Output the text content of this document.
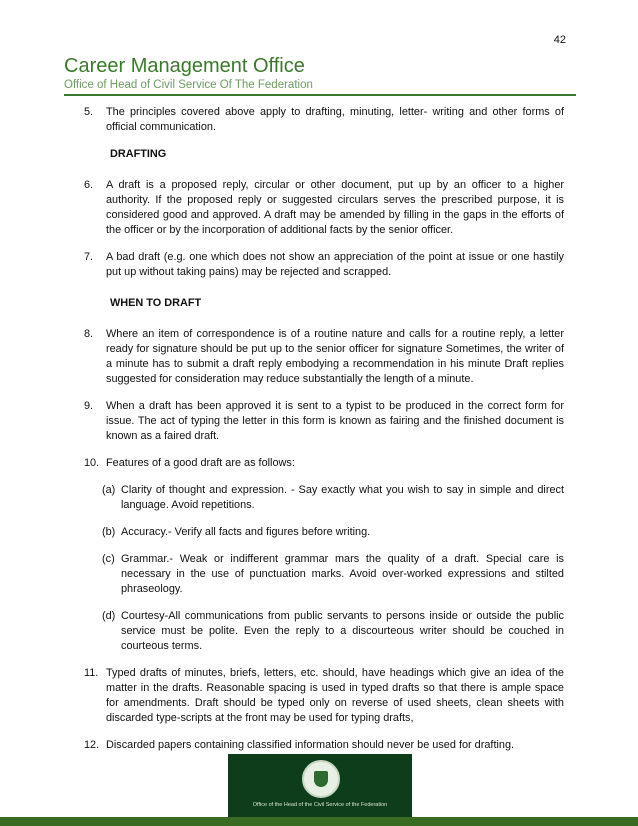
42
Career Management Office
Office of Head of Civil Service Of The Federation
5. The principles covered above apply to drafting, minuting, letter- writing and other forms of official communication.
DRAFTING
6. A draft is a proposed reply, circular or other document, put up by an officer to a higher authority. If the proposed reply or suggested circulars serves the prescribed purpose, it is considered good and approved. A draft may be amended by filling in the gaps in the efforts of the officer or by the incorporation of additional facts by the senior officer.
7. A bad draft (e.g. one which does not show an appreciation of the point at issue or one hastily put up without taking pains) may be rejected and scrapped.
WHEN TO DRAFT
8. Where an item of correspondence is of a routine nature and calls for a routine reply, a letter ready for signature should be put up to the senior officer for signature Sometimes, the writer of a minute has to submit a draft reply embodying a recommendation in his minute Draft replies suggested for consideration may reduce substantially the length of a minute.
9. When a draft has been approved it is sent to a typist to be produced in the correct form for issue. The act of typing the letter in this form is known as fairing and the finished document is known as a faired draft.
10. Features of a good draft are as follows:
(a) Clarity of thought and expression. - Say exactly what you wish to say in simple and direct language. Avoid repetitions.
(b) Accuracy.- Verify all facts and figures before writing.
(c) Grammar.- Weak or indifferent grammar mars the quality of a draft. Special care is necessary in the use of punctuation marks. Avoid over-worked expressions and stilted phraseology.
(d) Courtesy-All communications from public servants to persons inside or outside the public service must be polite. Even the reply to a discourteous writer should be couched in courteous terms.
11. Typed drafts of minutes, briefs, letters, etc. should, have headings which give an idea of the matter in the drafts. Reasonable spacing is used in typed drafts so that there is ample space for amendments. Draft should be typed only on reverse of used sheets, clean sheets with discarded type-scripts at the front may be used for typing drafts,
12. Discarded papers containing classified information should never be used for drafting.
Office of the Head of the Civil Service of the Federation
